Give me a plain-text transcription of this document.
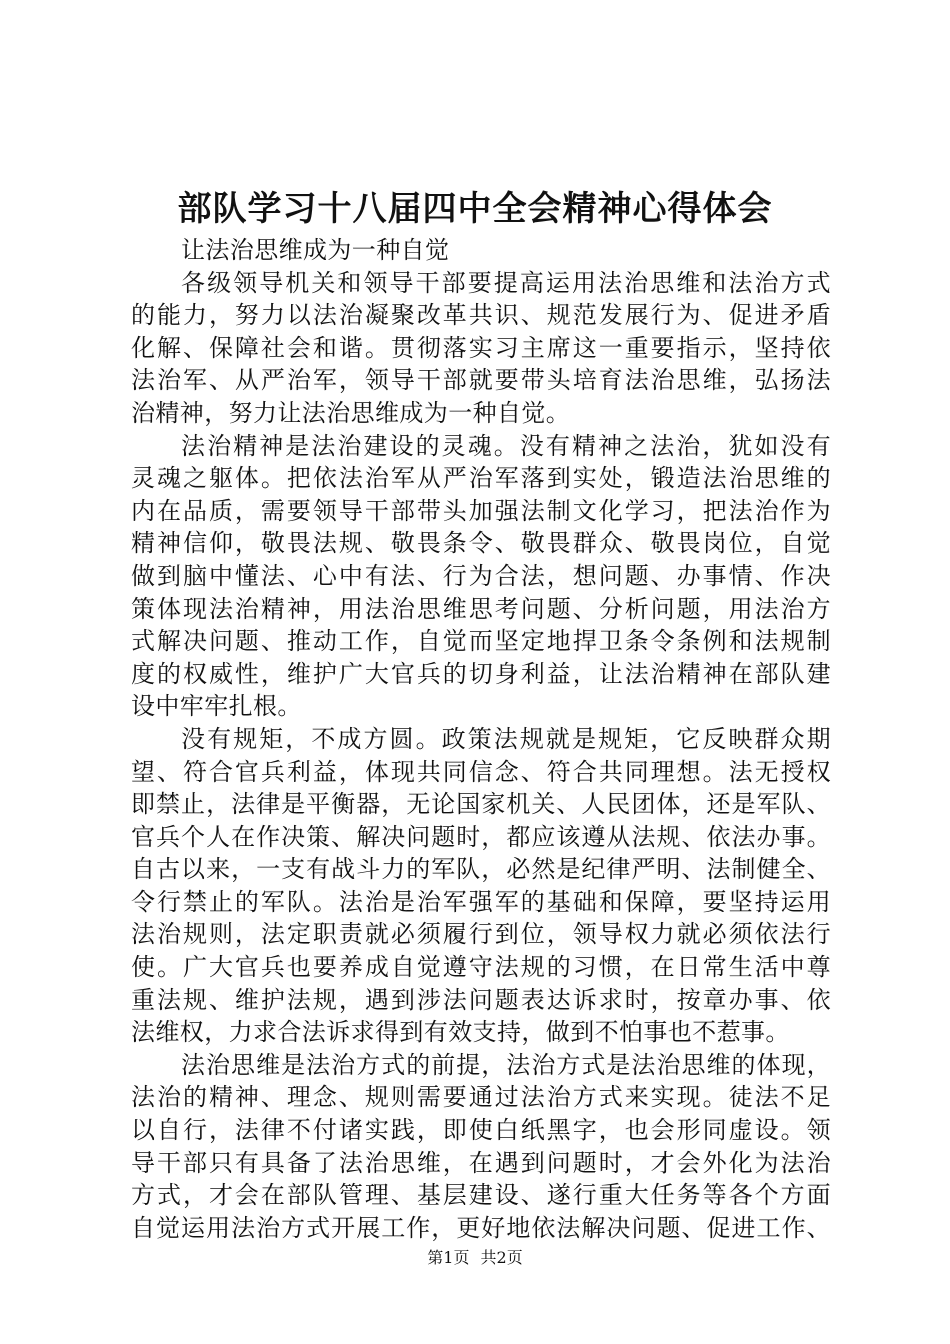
部队学习十八届四中全会精神心得体会
让法治思维成为一种自觉
各级领导机关和领导干部要提高运用法治思维和法治方式
的能力，努力以法治凝聚改革共识、规范发展行为、促进矛盾
化解、保障社会和谐。贯彻落实习主席这一重要指示，坚持依
法治军、从严治军，领导干部就要带头培育法治思维，弘扬法
治精神，努力让法治思维成为一种自觉。
法治精神是法治建设的灵魂。没有精神之法治，犹如没有
灵魂之躯体。把依法治军从严治军落到实处，锻造法治思维的
内在品质，需要领导干部带头加强法制文化学习，把法治作为
精神信仰，敬畏法规、敬畏条令、敬畏群众、敬畏岗位，自觉
做到脑中懂法、心中有法、行为合法，想问题、办事情、作决
策体现法治精神，用法治思维思考问题、分析问题，用法治方
式解决问题、推动工作，自觉而坚定地捍卫条令条例和法规制
度的权威性，维护广大官兵的切身利益，让法治精神在部队建
设中牢牢扎根。
没有规矩，不成方圆。政策法规就是规矩，它反映群众期
望、符合官兵利益，体现共同信念、符合共同理想。法无授权
即禁止，法律是平衡器，无论国家机关、人民团体，还是军队、
官兵个人在作决策、解决问题时，都应该遵从法规、依法办事。
自古以来，一支有战斗力的军队，必然是纪律严明、法制健全、
令行禁止的军队。法治是治军强军的基础和保障，要坚持运用
法治规则，法定职责就必须履行到位，领导权力就必须依法行
使。广大官兵也要养成自觉遵守法规的习惯，在日常生活中尊
重法规、维护法规，遇到涉法问题表达诉求时，按章办事、依
法维权，力求合法诉求得到有效支持，做到不怕事也不惹事。
法治思维是法治方式的前提，法治方式是法治思维的体现，
法治的精神、理念、规则需要通过法治方式来实现。徒法不足
以自行，法律不付诸实践，即使白纸黑字，也会形同虚设。领
导干部只有具备了法治思维，在遇到问题时，才会外化为法治
方式，才会在部队管理、基层建设、遂行重大任务等各个方面
自觉运用法治方式开展工作，更好地依法解决问题、促进工作、
第1页 共2页
